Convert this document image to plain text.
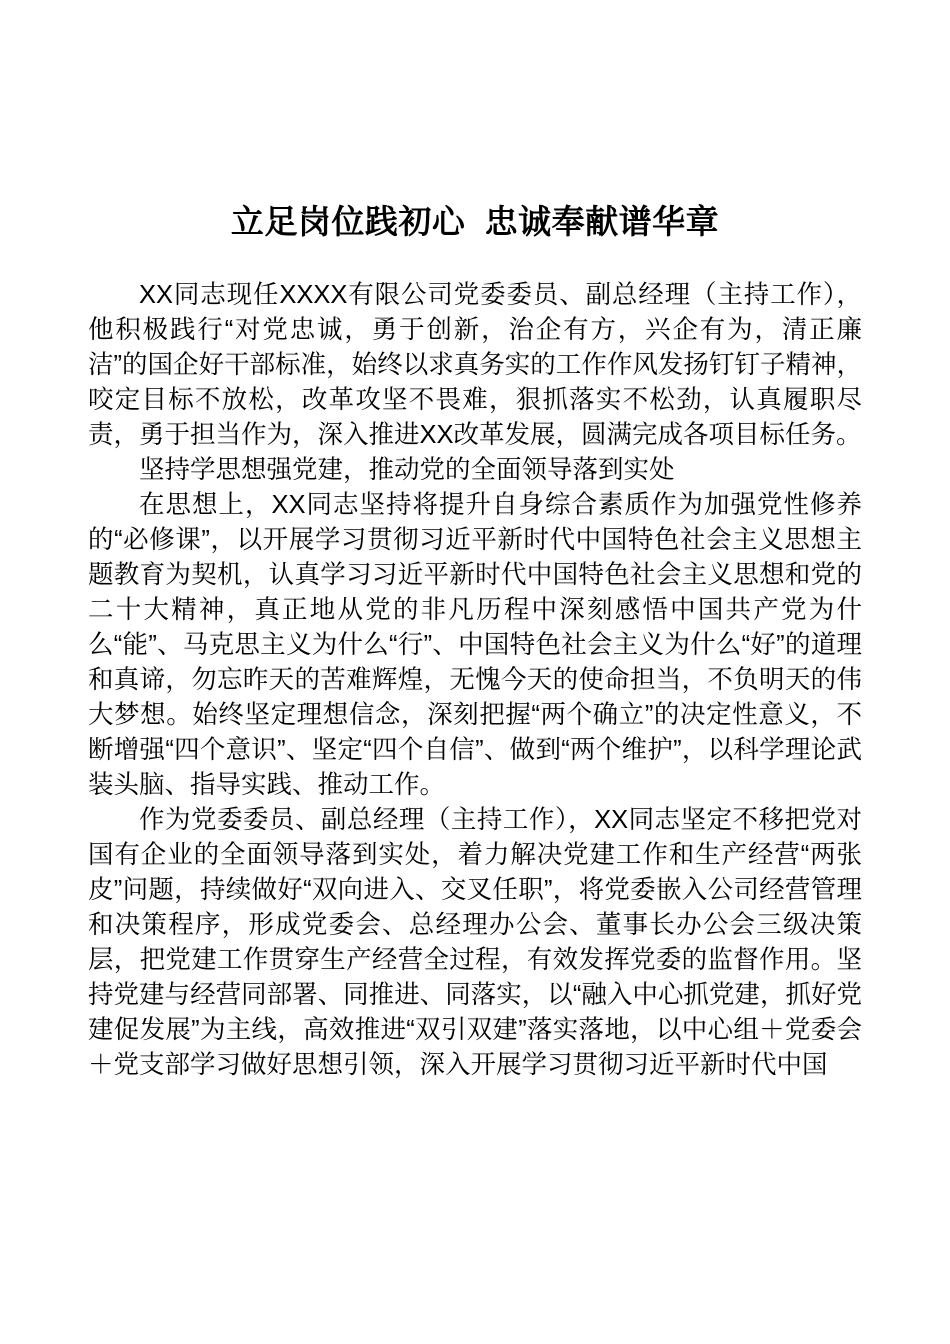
立足岗位践初心  忠诚奉献谱华章

XX同志现任XXXX有限公司党委委员、副总经理（主持工作），他积极践行“对党忠诚，勇于创新，治企有方，兴企有为，清正廉洁”的国企好干部标准，始终以求真务实的工作作风发扬钉钉子精神，咬定目标不放松，改革攻坚不畏难，狠抓落实不松劲，认真履职尽责，勇于担当作为，深入推进XX改革发展，圆满完成各项目标任务。

坚持学思想强党建，推动党的全面领导落到实处

在思想上，XX同志坚持将提升自身综合素质作为加强党性修养的“必修课”，以开展学习贯彻习近平新时代中国特色社会主义思想主题教育为契机，认真学习习近平新时代中国特色社会主义思想和党的二十大精神，真正地从党的非凡历程中深刻感悟中国共产党为什么“能”、马克思主义为什么“行”、中国特色社会主义为什么“好”的道理和真谛，勿忘昨天的苦难辉煌，无愧今天的使命担当，不负明天的伟大梦想。始终坚定理想信念，深刻把握“两个确立”的决定性意义，不断增强“四个意识”、坚定“四个自信”、做到“两个维护”，以科学理论武装头脑、指导实践、推动工作。

作为党委委员、副总经理（主持工作），XX同志坚定不移把党对国有企业的全面领导落到实处，着力解决党建工作和生产经营“两张皮”问题，持续做好“双向进入、交叉任职”，将党委嵌入公司经营管理和决策程序，形成党委会、总经理办公会、董事长办公会三级决策层，把党建工作贯穿生产经营全过程，有效发挥党委的监督作用。坚持党建与经营同部署、同推进、同落实，以“融入中心抓党建，抓好党建促发展”为主线，高效推进“双引双建”落实落地，以中心组＋党委会＋党支部学习做好思想引领，深入开展学习贯彻习近平新时代中国
